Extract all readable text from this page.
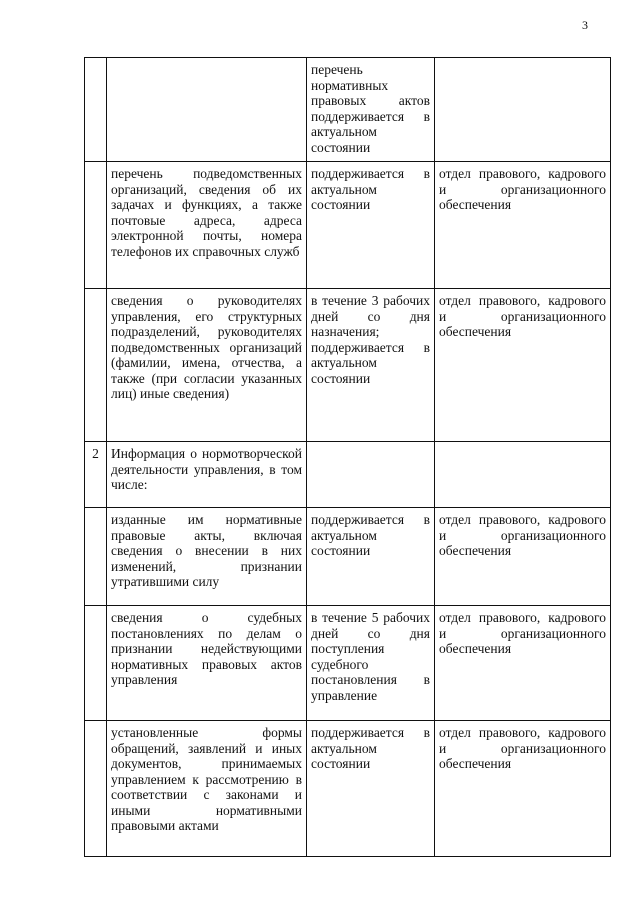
3

		перечень нормативных правовых актов поддерживается в актуальном состоянии	

	перечень подведомственных организаций, сведения об их задачах и функциях, а также почтовые адреса, адреса электронной почты, номера телефонов их справочных служб	поддерживается в актуальном состоянии	отдел правового, кадрового и организационного обеспечения

	сведения о руководителях управления, его структурных подразделений, руководителях подведомственных организаций (фамилии, имена, отчества, а также (при согласии указанных лиц) иные сведения)	в течение 3 рабочих дней со дня назначения; поддерживается в актуальном состоянии	отдел правового, кадрового и организационного обеспечения

2	Информация о нормотворческой деятельности управления, в том числе:		

	изданные им нормативные правовые акты, включая сведения о внесении в них изменений, признании утратившими силу	поддерживается в актуальном состоянии	отдел правового, кадрового и организационного обеспечения

	сведения о судебных постановлениях по делам о признании недействующими нормативных правовых актов управления	в течение 5 рабочих дней со дня поступления судебного постановления в управление	отдел правового, кадрового и организационного обеспечения

	установленные формы обращений, заявлений и иных документов, принимаемых управлением к рассмотрению в соответствии с законами и иными нормативными правовыми актами	поддерживается в актуальном состоянии	отдел правового, кадрового и организационного обеспечения
